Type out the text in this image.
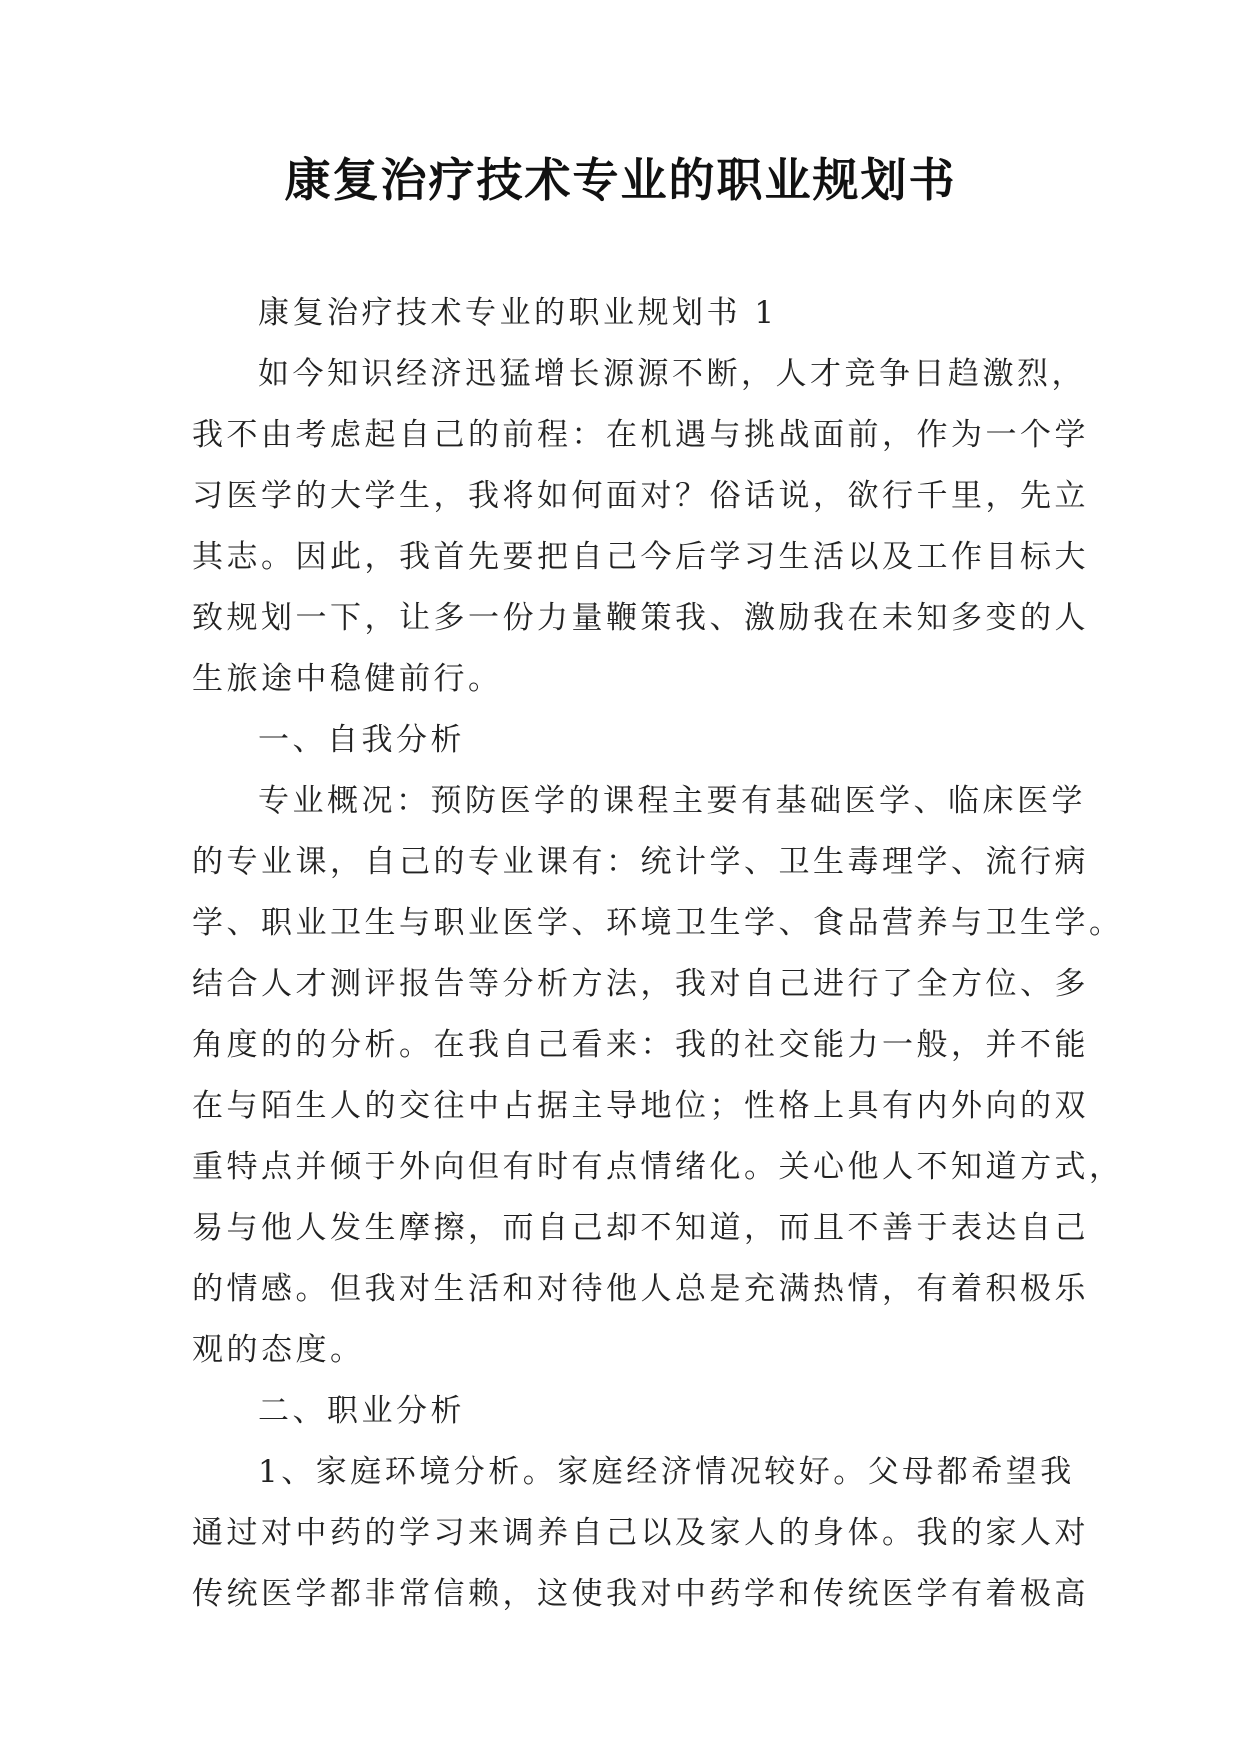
康复治疗技术专业的职业规划书
康复治疗技术专业的职业规划书 1
如今知识经济迅猛增长源源不断，人才竞争日趋激烈，
我不由考虑起自己的前程：在机遇与挑战面前，作为一个学
习医学的大学生，我将如何面对？俗话说，欲行千里，先立
其志。因此，我首先要把自己今后学习生活以及工作目标大
致规划一下，让多一份力量鞭策我、激励我在未知多变的人
生旅途中稳健前行。
一、自我分析
专业概况：预防医学的课程主要有基础医学、临床医学
的专业课，自己的专业课有：统计学、卫生毒理学、流行病
学、职业卫生与职业医学、环境卫生学、食品营养与卫生学。
结合人才测评报告等分析方法，我对自己进行了全方位、多
角度的的分析。在我自己看来：我的社交能力一般，并不能
在与陌生人的交往中占据主导地位；性格上具有内外向的双
重特点并倾于外向但有时有点情绪化。关心他人不知道方式，
易与他人发生摩擦，而自己却不知道，而且不善于表达自己
的情感。但我对生活和对待他人总是充满热情，有着积极乐
观的态度。
二、职业分析
1、家庭环境分析。家庭经济情况较好。父母都希望我
通过对中药的学习来调养自己以及家人的身体。我的家人对
传统医学都非常信赖，这使我对中药学和传统医学有着极高
